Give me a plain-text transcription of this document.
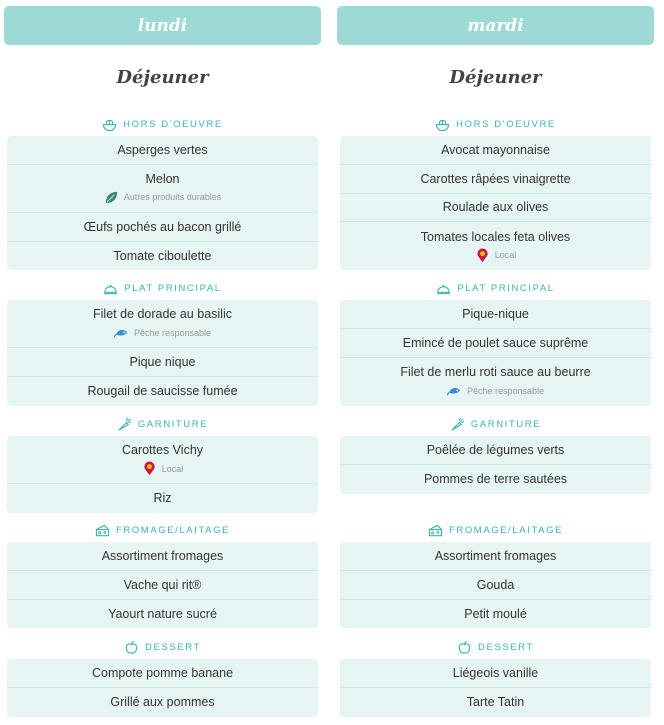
lundi
Déjeuner
HORS D'OEUVRE
Asperges vertes
Melon
Autres produits durables
Œufs pochés au bacon grillé
Tomate ciboulette
PLAT PRINCIPAL
Filet de dorade au basilic
Pêche responsable
Pique nique
Rougail de saucisse fumée
GARNITURE
Carottes Vichy
Local
Riz
FROMAGE/LAITAGE
Assortiment fromages
Vache qui rit®
Yaourt nature sucré
DESSERT
Compote pomme banane
Grillé aux pommes
mardi
Déjeuner
HORS D'OEUVRE
Avocat mayonnaise
Carottes râpées vinaigrette
Roulade aux olives
Tomates locales feta olives
Local
PLAT PRINCIPAL
Pique-nique
Emincé de poulet sauce suprême
Filet de merlu roti sauce au beurre
Pêche responsable
GARNITURE
Poêlée de légumes verts
Pommes de terre sautées
FROMAGE/LAITAGE
Assortiment fromages
Gouda
Petit moulé
DESSERT
Liégeois vanille
Tarte Tatin
